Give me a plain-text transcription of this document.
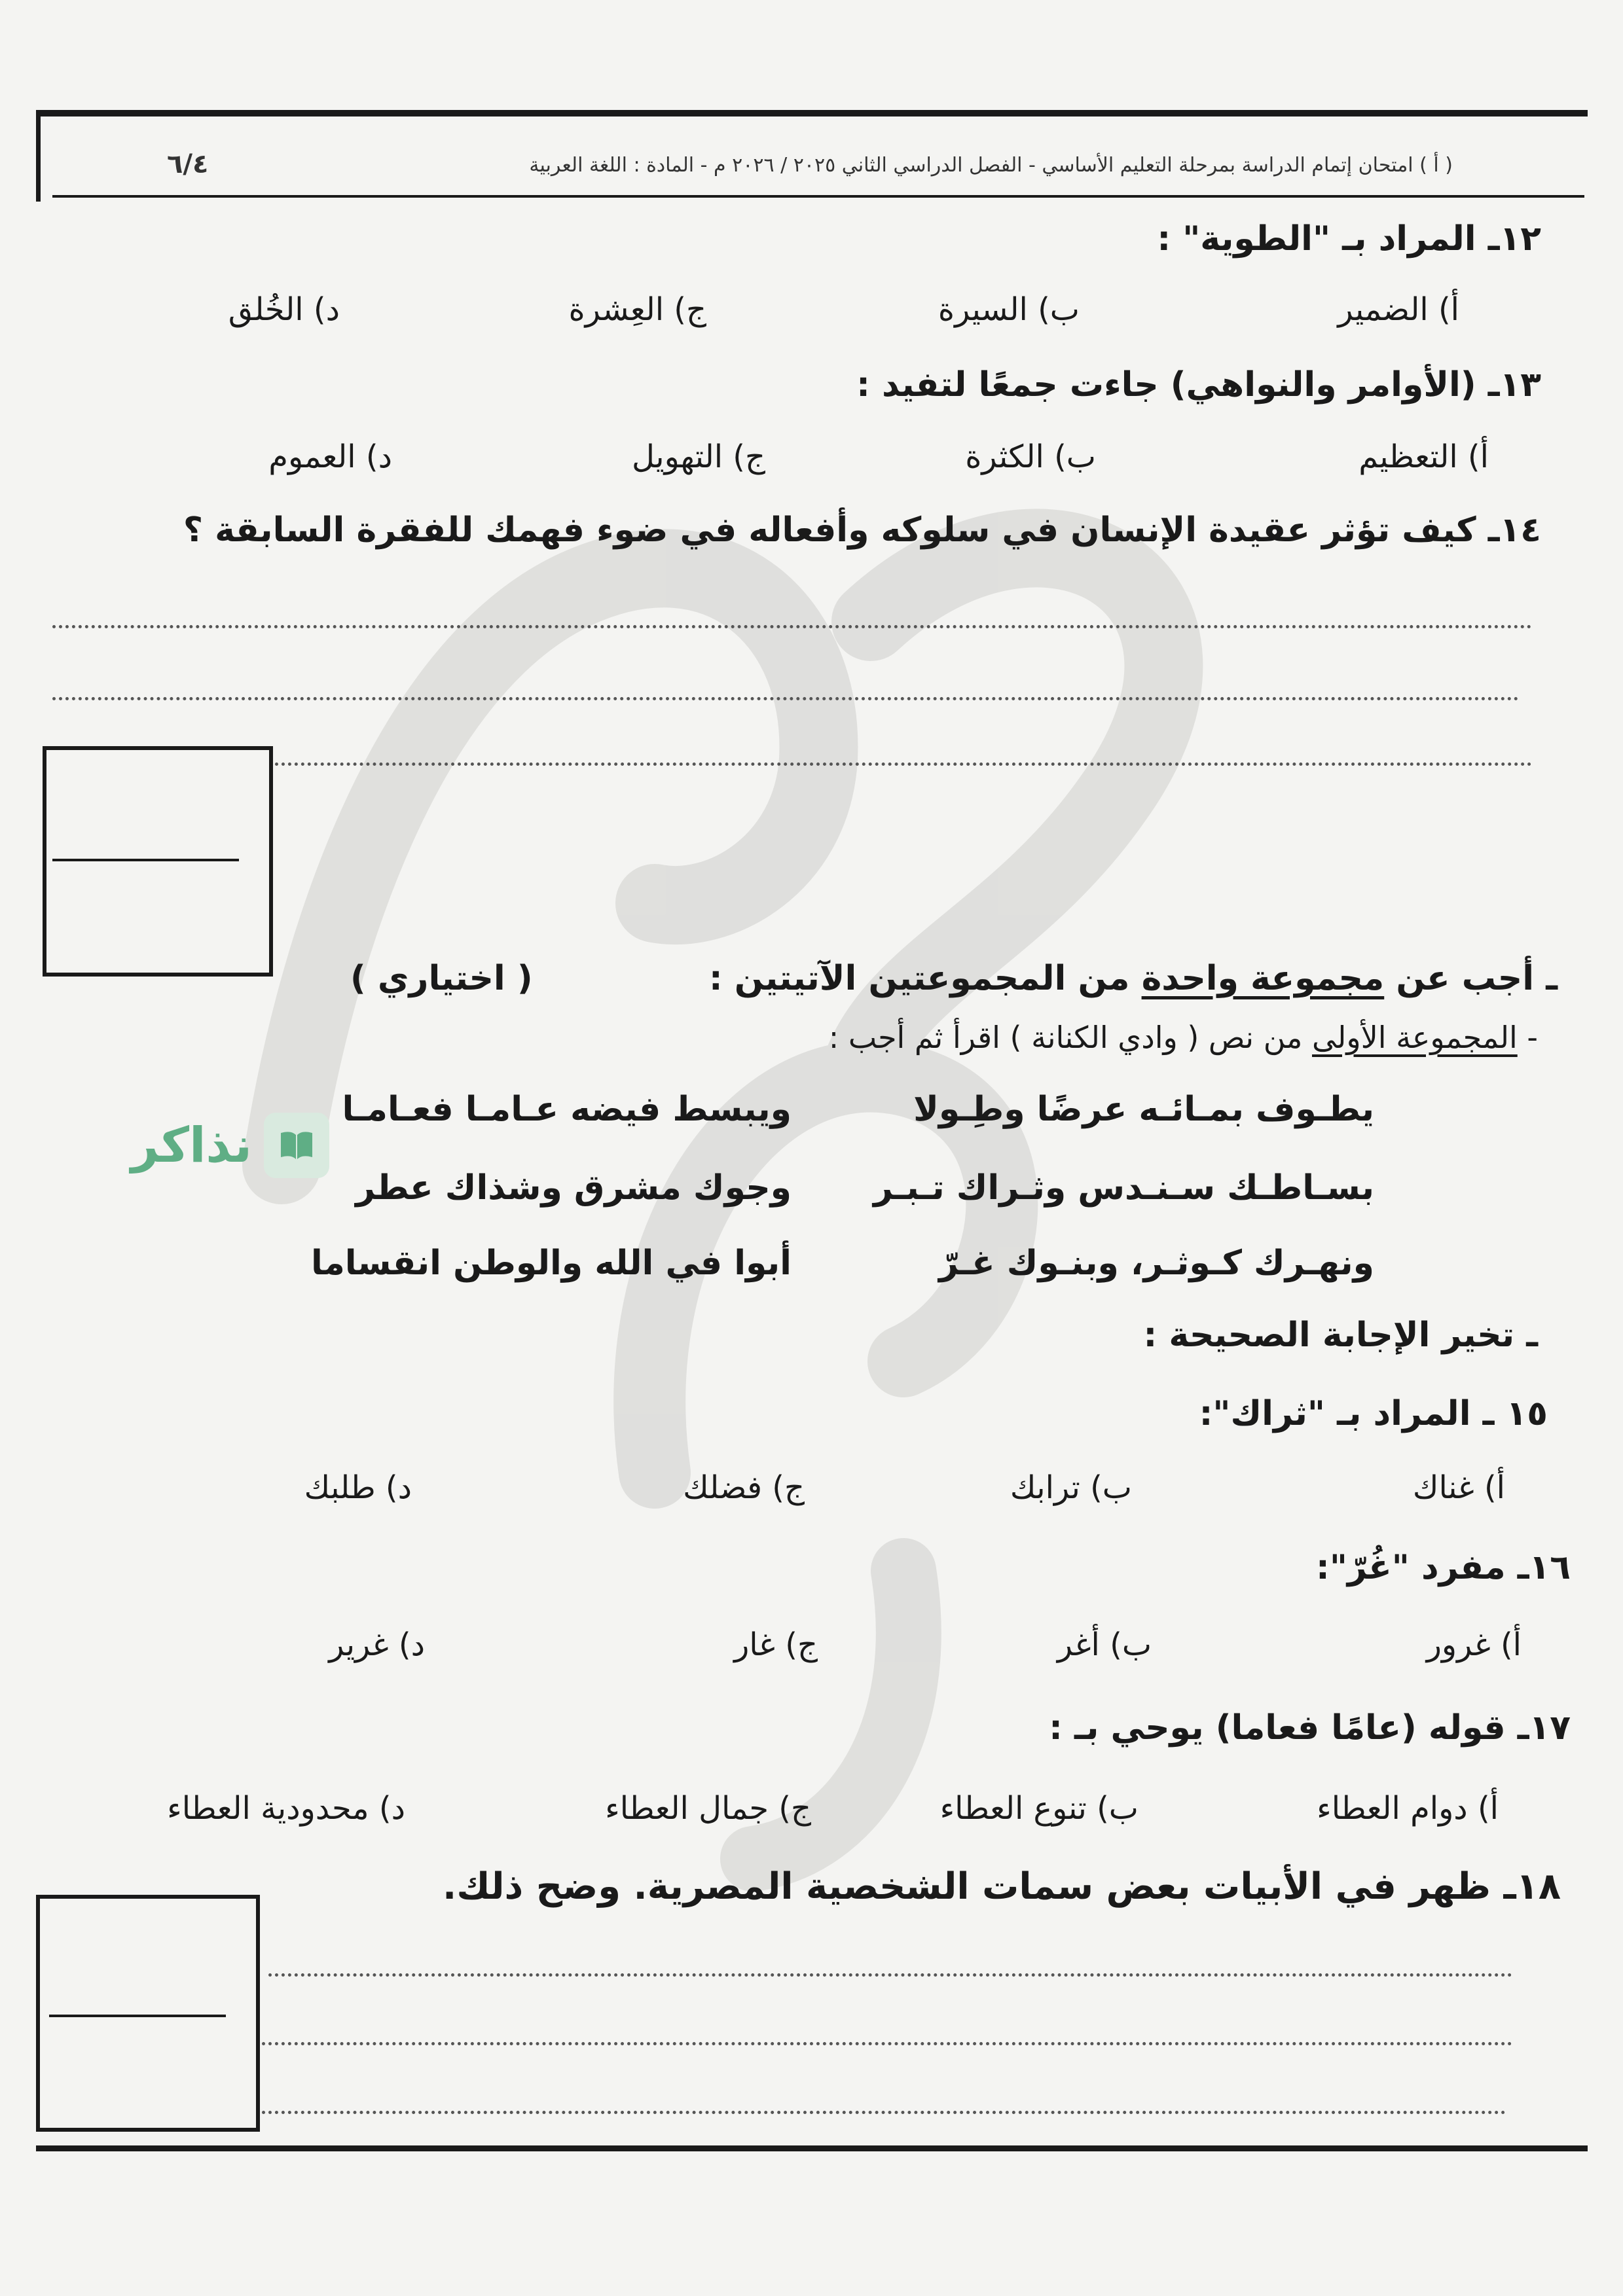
( أ ) امتحان إتمام الدراسة بمرحلة التعليم الأساسي - الفصل الدراسي الثاني ٢٠٢٥ / ٢٠٢٦ م - المادة : اللغة العربية
٦/٤
١٢ـ المراد بـ "الطوية" :
أ) الضمير
ب) السيرة
ج) العِشرة
د) الخُلق
١٣ـ (الأوامر والنواهي) جاءت جمعًا لتفيد :
أ) التعظيم
ب) الكثرة
ج) التهويل
د) العموم
١٤ـ كيف تؤثر عقيدة الإنسان في سلوكه وأفعاله في ضوء فهمك للفقرة السابقة ؟
ـ أجب عن مجموعة واحدة من المجموعتين الآتيتين :
( اختياري )
- المجموعة الأولى من نص ( وادي الكنانة ) اقرأ ثم أجب :
نذاكر
يطـوف بمـائـه عرضًا وطِـولا
ويبسط فيضه عـامـا فعـامـا
بسـاطـك سـنـدس وثـراك تـبـر
وجوك مشرق وشذاك عطر
ونهـرك كـوثـر، وبنـوك غـرّ
أبوا في الله والوطن انقساما
ـ تخير الإجابة الصحيحة :
١٥ ـ المراد بـ "ثراك":
أ) غناك
ب) ترابك
ج) فضلك
د) طلبك
١٦ـ مفرد "غُرّ":
أ) غرور
ب) أغر
ج) غار
د) غرير
١٧ـ قوله (عامًا فعاما) يوحي بـ :
أ) دوام العطاء
ب) تنوع العطاء
ج) جمال العطاء
د) محدودية العطاء
١٨ـ ظهر في الأبيات بعض سمات الشخصية المصرية. وضح ذلك.
